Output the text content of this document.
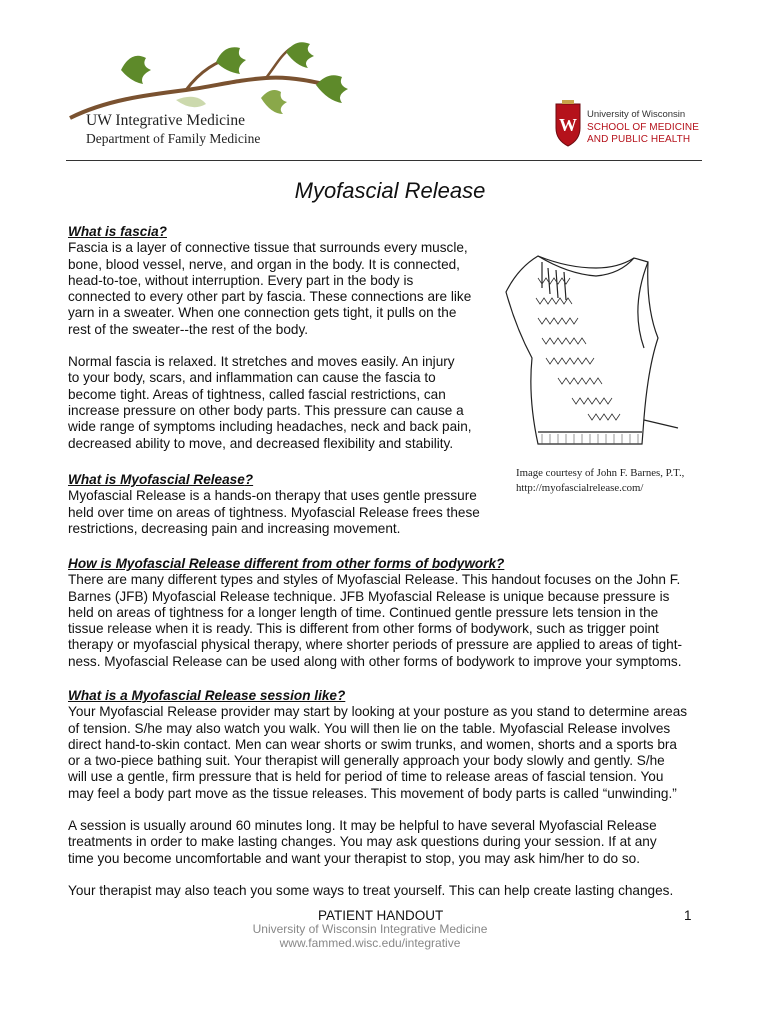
UW Integrative Medicine
Department of Family Medicine
W
University of Wisconsin
SCHOOL OF MEDICINE
AND PUBLIC HEALTH
Myofascial Release
What is fascia?

Fascia is a layer of connective tissue that surrounds every muscle,

bone, blood vessel, nerve, and organ in the body. It is connected,

head-to-toe, without interruption. Every part in the body is

connected to every other part by fascia. These connections are like

yarn in a sweater. When one connection gets tight, it pulls on the

rest of the sweater--the rest of the body.

Normal fascia is relaxed. It stretches and moves easily. An injury

to your body, scars, and inflammation can cause the fascia to

become tight. Areas of tightness, called fascial restrictions, can

increase pressure on other body parts. This pressure can cause a

wide range of symptoms including headaches, neck and back pain,

decreased ability to move, and decreased flexibility and stability.

Image courtesy of John F. Barnes, P.T.,
http://myofascialrelease.com/
What is Myofascial Release?

Myofascial Release is a hands-on therapy that uses gentle pressure

held over time on areas of tightness. Myofascial Release frees these

restrictions, decreasing pain and increasing movement.

How is Myofascial Release different from other forms of bodywork?

There are many different types and styles of Myofascial Release. This handout focuses on the John F.

Barnes (JFB) Myofascial Release technique. JFB Myofascial Release is unique because pressure is

held on areas of tightness for a longer length of time. Continued gentle pressure lets tension in the

tissue release when it is ready. This is different from other forms of bodywork, such as trigger point

therapy or myofascial physical therapy, where shorter periods of pressure are applied to areas of tight-

ness. Myofascial Release can be used along with other forms of bodywork to improve your symptoms.

What is a Myofascial Release session like?

Your Myofascial Release provider may start by looking at your posture as you stand to determine areas

of tension. S/he may also watch you walk. You will then lie on the table. Myofascial Release involves

direct hand-to-skin contact. Men can wear shorts or swim trunks, and women, shorts and a sports bra

or a two-piece bathing suit. Your therapist will generally approach your body slowly and gently. S/he

will use a gentle, firm pressure that is held for period of time to release areas of fascial tension. You

may feel a body part move as the tissue releases. This movement of body parts is called “unwinding.”

A session is usually around 60 minutes long. It may be helpful to have several Myofascial Release

treatments in order to make lasting changes. You may ask questions during your session. If at any

time you become uncomfortable and want your therapist to stop, you may ask him/her to do so.

Your therapist may also teach you some ways to treat yourself. This can help create lasting changes.

PATIENT HANDOUT	1
University of Wisconsin Integrative Medicine
www.fammed.wisc.edu/integrative
